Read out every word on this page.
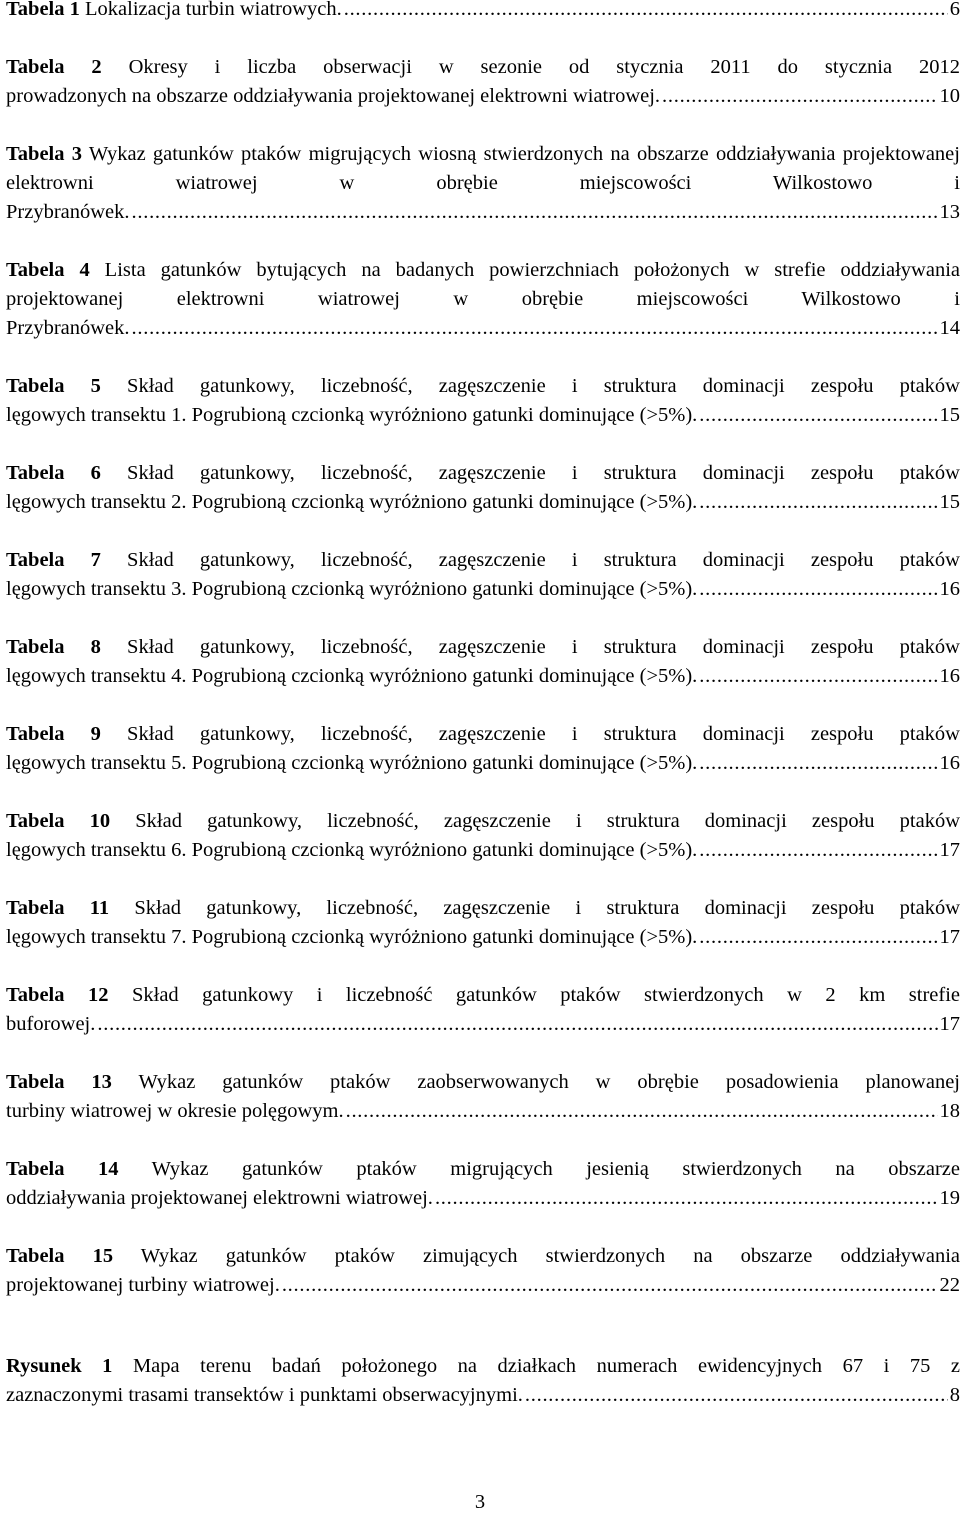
Tabela 1 Lokalizacja turbin wiatrowych. . . .	6
Tabela 2 Okresy i liczba obserwacji w sezonie od stycznia 2011 do stycznia 2012
prowadzonych na obszarze oddziaływania projektowanej elektrowni wiatrowej. . . .	10
Tabela 3 Wykaz gatunków ptaków migrujących wiosną stwierdzonych na obszarze oddziaływania projektowanej elektrowni wiatrowej w obrębie miejscowości Wilkostowo i
Przybranówek. . . .	13
Tabela 4 Lista gatunków bytujących na badanych powierzchniach położonych w strefie oddziaływania projektowanej elektrowni wiatrowej w obrębie miejscowości Wilkostowo i
Przybranówek. . . .	14
Tabela 5 Skład gatunkowy, liczebność, zagęszczenie i struktura dominacji zespołu ptaków
lęgowych transektu 1. Pogrubioną czcionką wyróżniono gatunki dominujące (>5%). . . .	15
Tabela 6 Skład gatunkowy, liczebność, zagęszczenie i struktura dominacji zespołu ptaków
lęgowych transektu 2. Pogrubioną czcionką wyróżniono gatunki dominujące (>5%). . . .	15
Tabela 7 Skład gatunkowy, liczebność, zagęszczenie i struktura dominacji zespołu ptaków
lęgowych transektu 3. Pogrubioną czcionką wyróżniono gatunki dominujące (>5%). . . .	16
Tabela 8 Skład gatunkowy, liczebność, zagęszczenie i struktura dominacji zespołu ptaków
lęgowych transektu 4. Pogrubioną czcionką wyróżniono gatunki dominujące (>5%). . . .	16
Tabela 9 Skład gatunkowy, liczebność, zagęszczenie i struktura dominacji zespołu ptaków
lęgowych transektu 5. Pogrubioną czcionką wyróżniono gatunki dominujące (>5%). . . .	16
Tabela 10 Skład gatunkowy, liczebność, zagęszczenie i struktura dominacji zespołu ptaków
lęgowych transektu 6. Pogrubioną czcionką wyróżniono gatunki dominujące (>5%). . . .	17
Tabela 11 Skład gatunkowy, liczebność, zagęszczenie i struktura dominacji zespołu ptaków
lęgowych transektu 7. Pogrubioną czcionką wyróżniono gatunki dominujące (>5%). . . .	17
Tabela 12 Skład gatunkowy i liczebność gatunków ptaków stwierdzonych w 2 km strefie
buforowej. . . .	17
Tabela 13 Wykaz gatunków ptaków zaobserwowanych w obrębie posadowienia planowanej
turbiny wiatrowej w okresie polęgowym. . . .	18
Tabela 14 Wykaz gatunków ptaków migrujących jesienią stwierdzonych na obszarze
oddziaływania projektowanej elektrowni wiatrowej. . . .	19
Tabela 15 Wykaz gatunków ptaków zimujących stwierdzonych na obszarze oddziaływania
projektowanej turbiny wiatrowej. . . .	22
Rysunek 1 Mapa terenu badań położonego na działkach numerach ewidencyjnych 67 i 75 z
zaznaczonymi trasami transektów i punktami obserwacyjnymi. . . .	8
3
